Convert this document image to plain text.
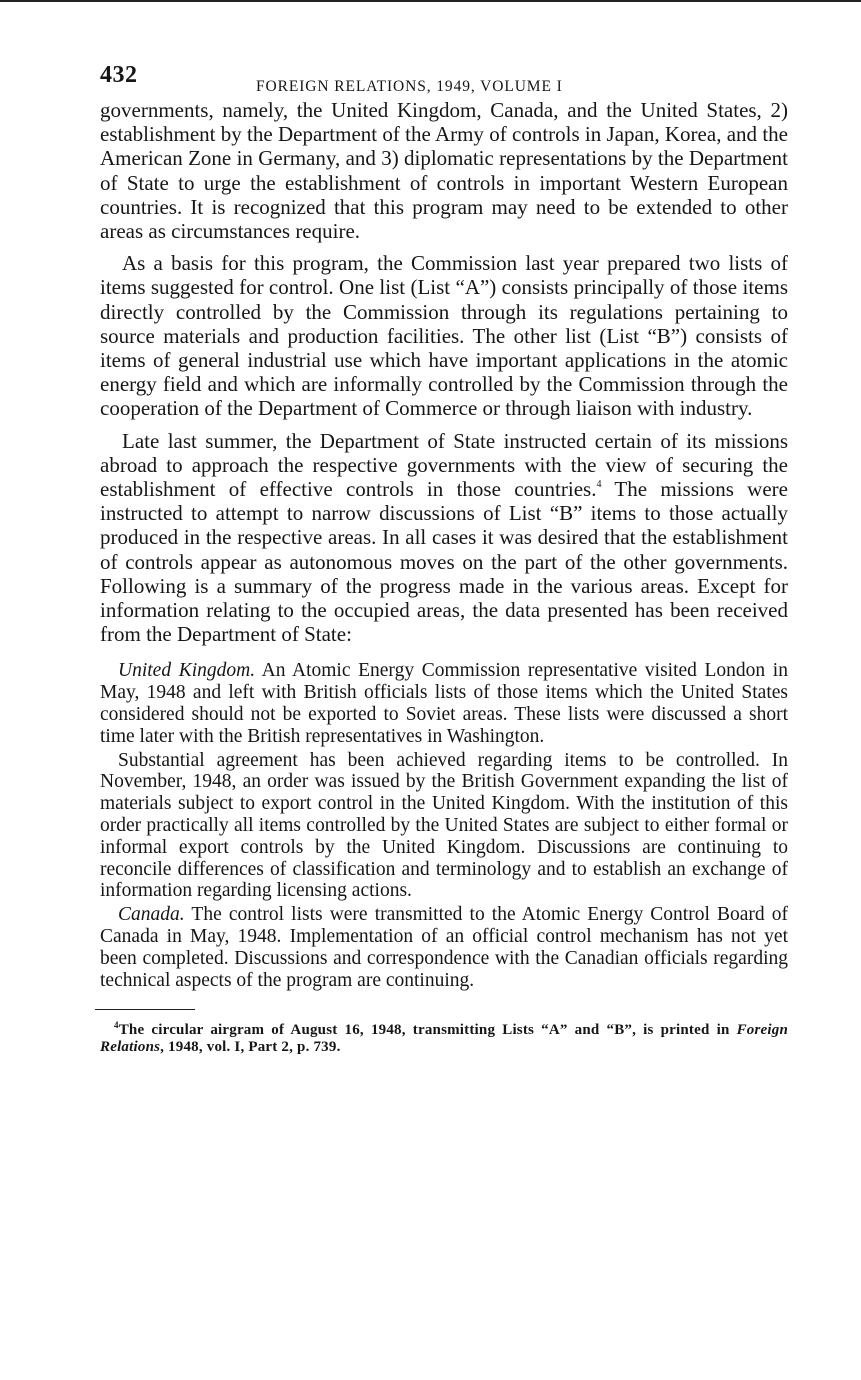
432	FOREIGN RELATIONS, 1949, VOLUME I

governments, namely, the United Kingdom, Canada, and the United States, 2) establishment by the Department of the Army of controls in Japan, Korea, and the American Zone in Germany, and 3) diplomatic representations by the Department of State to urge the establishment of controls in important Western European countries. It is recognized that this program may need to be extended to other areas as circumstances require.

As a basis for this program, the Commission last year prepared two lists of items suggested for control. One list (List “A”) consists principally of those items directly controlled by the Commission through its regulations pertaining to source materials and production facilities. The other list (List “B”) consists of items of general industrial use which have important applications in the atomic energy field and which are informally controlled by the Commission through the cooperation of the Department of Commerce or through liaison with industry.

Late last summer, the Department of State instructed certain of its missions abroad to approach the respective governments with the view of securing the establishment of effective controls in those countries.$^4$ The missions were instructed to attempt to narrow discussions of List “B” items to those actually produced in the respective areas. In all cases it was desired that the establishment of controls appear as autonomous moves on the part of the other governments. Following is a summary of the progress made in the various areas. Except for information relating to the occupied areas, the data presented has been received from the Department of State:

United Kingdom. An Atomic Energy Commission representative visited London in May, 1948 and left with British officials lists of those items which the United States considered should not be exported to Soviet areas. These lists were discussed a short time later with the British representatives in Washington.

Substantial agreement has been achieved regarding items to be controlled. In November, 1948, an order was issued by the British Government expanding the list of materials subject to export control in the United Kingdom. With the institution of this order practically all items controlled by the United States are subject to either formal or informal export controls by the United Kingdom. Discussions are continuing to reconcile differences of classification and terminology and to establish an exchange of information regarding licensing actions.

Canada. The control lists were transmitted to the Atomic Energy Control Board of Canada in May, 1948. Implementation of an official control mechanism has not yet been completed. Discussions and correspondence with the Canadian officials regarding technical aspects of the program are continuing.

$^4$The circular airgram of August 16, 1948, transmitting Lists “A” and “B”, is printed in Foreign Relations, 1948, vol. I, Part 2, p. 739.
